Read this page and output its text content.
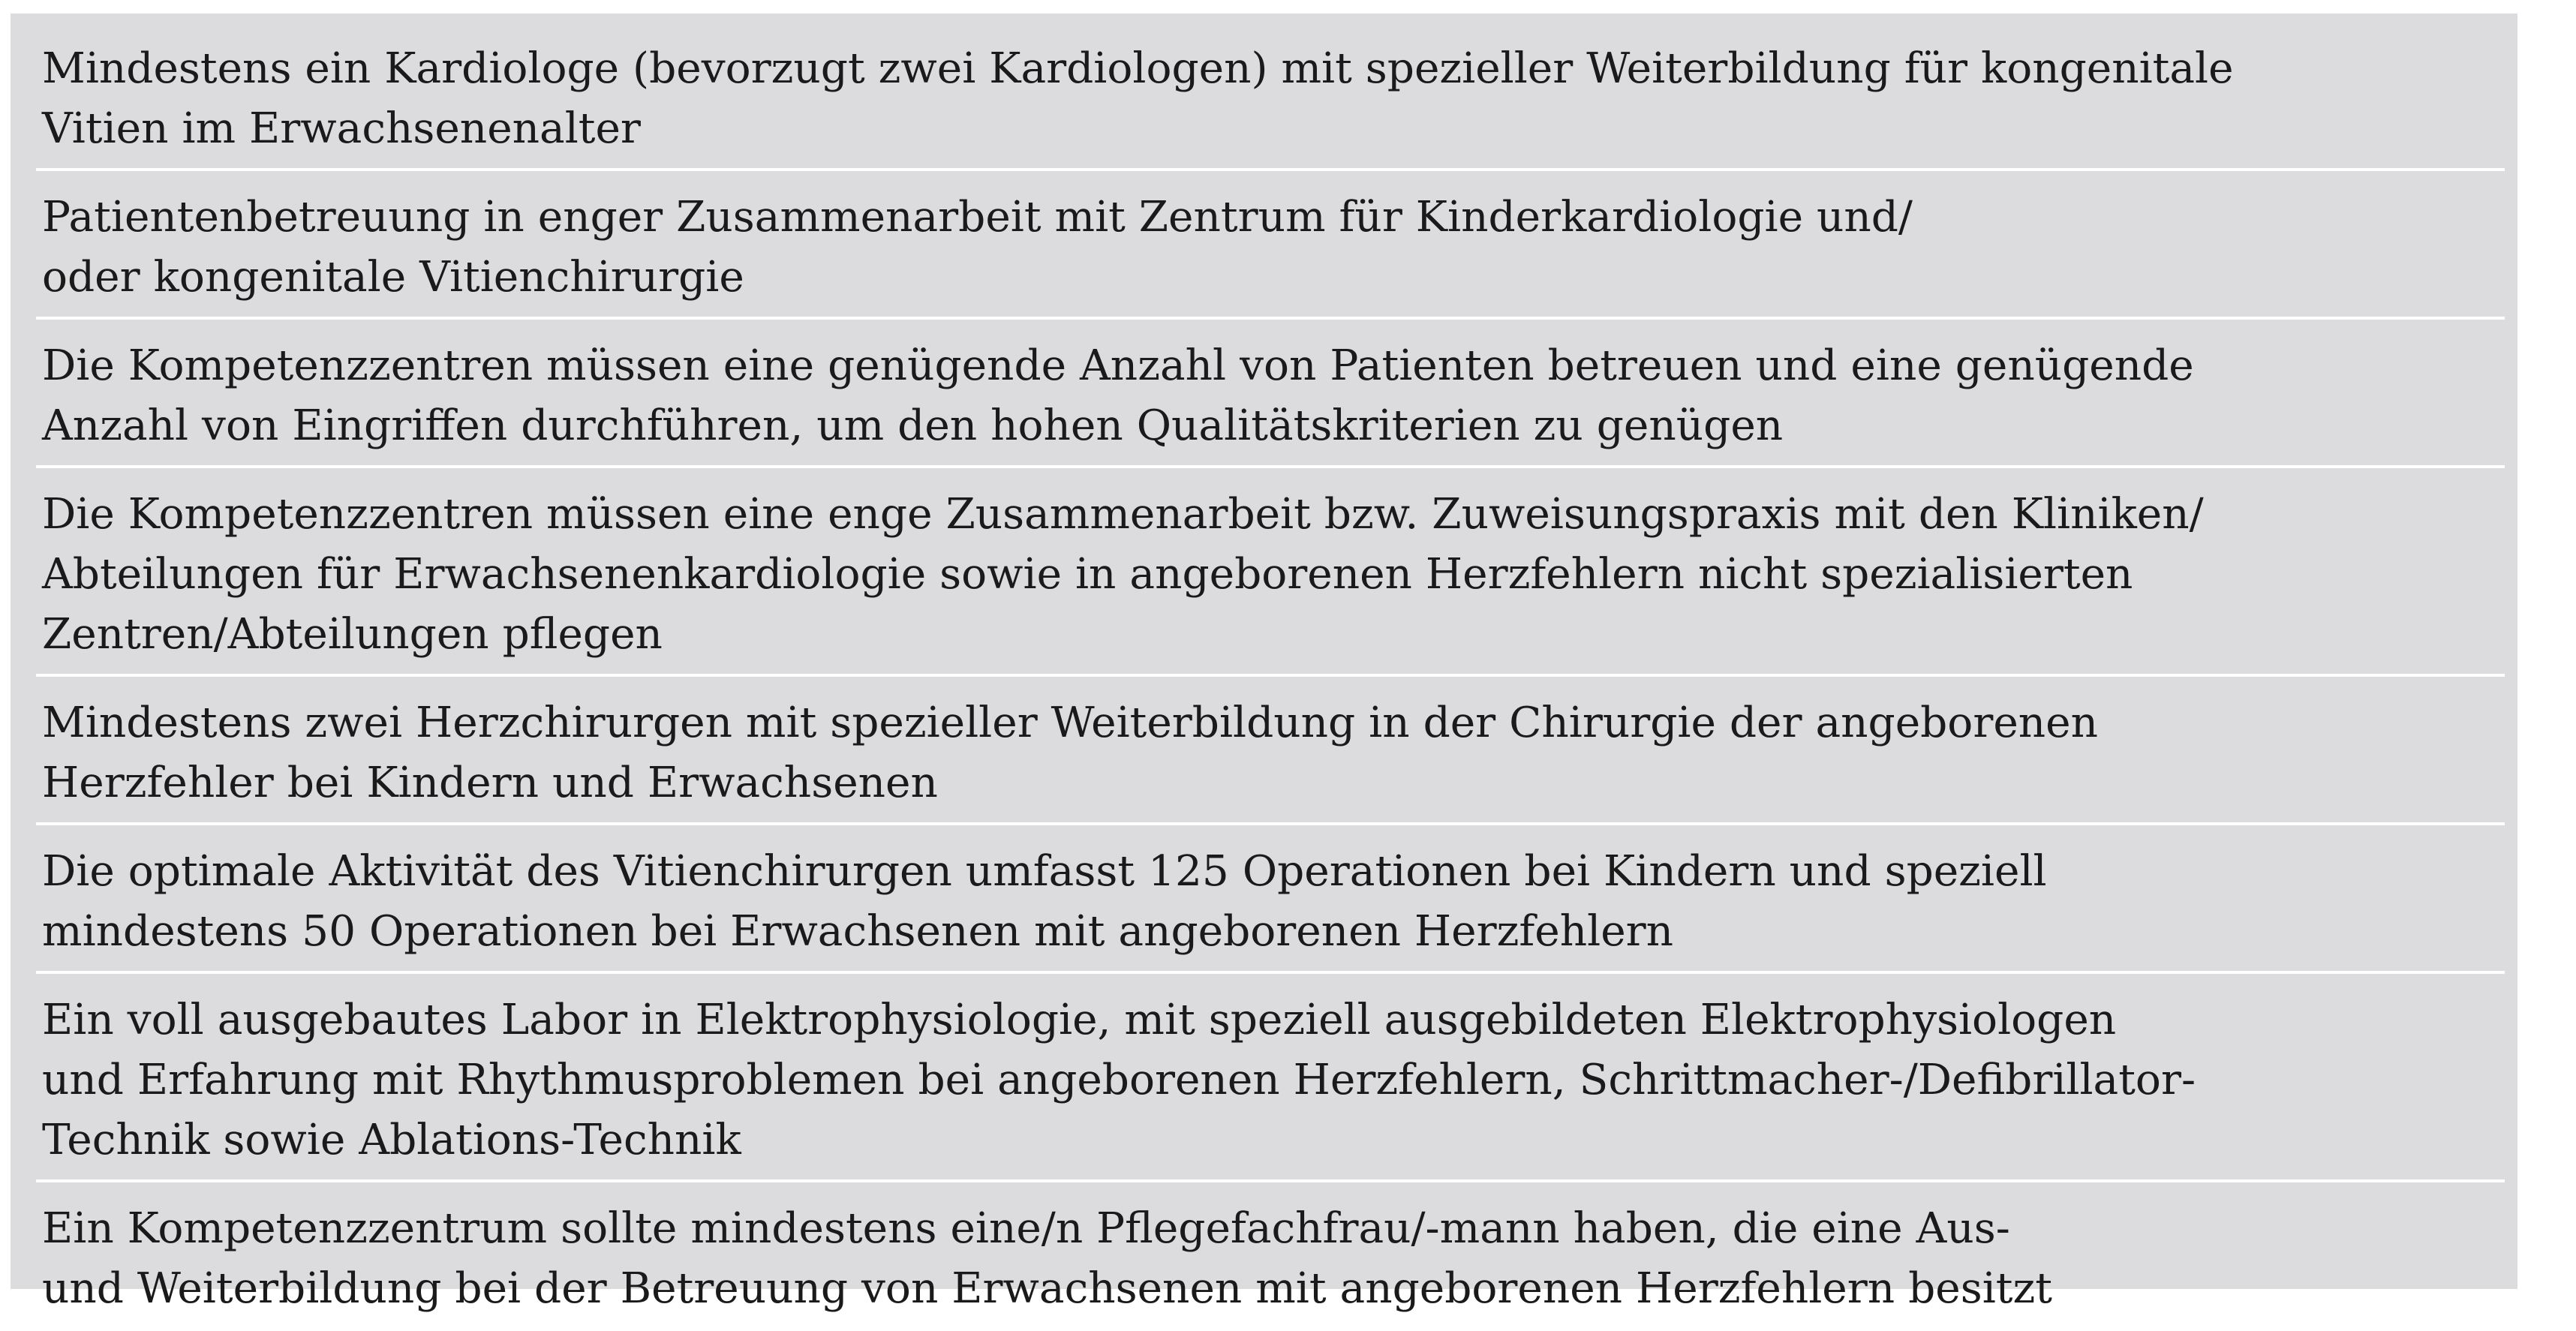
Mindestens ein Kardiologe (bevorzugt zwei Kardiologen) mit spezieller Weiterbildung für kongenitale
Vitien im Erwachsenenalter

Patientenbetreuung in enger Zusammenarbeit mit Zentrum für Kinderkardiologie und/
oder kongenitale Vitienchirurgie

Die Kompetenzzentren müssen eine genügende Anzahl von Patienten betreuen und eine genügende
Anzahl von Eingriffen durchführen, um den hohen Qualitätskriterien zu genügen

Die Kompetenzzentren müssen eine enge Zusammenarbeit bzw. Zuweisungspraxis mit den Kliniken/
Abteilungen für Erwachsenenkardiologie sowie in angeborenen Herzfehlern nicht spezialisierten
Zentren/Abteilungen pflegen

Mindestens zwei Herzchirurgen mit spezieller Weiterbildung in der Chirurgie der angeborenen
Herzfehler bei Kindern und Erwachsenen

Die optimale Aktivität des Vitienchirurgen umfasst 125 Operationen bei Kindern und speziell
mindestens 50 Operationen bei Erwachsenen mit angeborenen Herzfehlern

Ein voll ausgebautes Labor in Elektrophysiologie, mit speziell ausgebildeten Elektrophysiologen
und Erfahrung mit Rhythmusproblemen bei angeborenen Herzfehlern, Schrittmacher-/Defibrillator-
Technik sowie Ablations-Technik

Ein Kompetenzzentrum sollte mindestens eine/n Pflegefachfrau/-mann haben, die eine Aus-
und Weiterbildung bei der Betreuung von Erwachsenen mit angeborenen Herzfehlern besitzt
